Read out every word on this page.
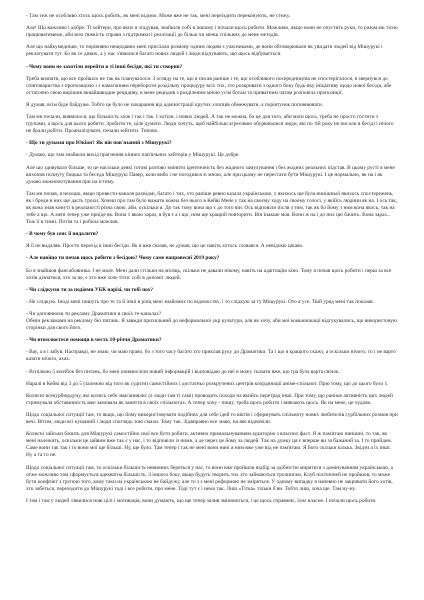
- Там теж не особливо хтось щось робить, як мені відомо. Може вже не так, мені переїздити переконують, не стежу.

Але! Що важливо і добре. Ті хейтери, про яких я згадував, знайшли собі в іншому і почали щось робити. Можливо, якщо вони не опустять руки, то разом ми тісно працюватимемо, аби всю тяжкість справи з підтримки і реалізації до більш чи менш спільних до мене методів.

Але що найкумедніше, то порівняно нещодавно мені прислали розмову одним людям з учасниками, де вони обговорювали як увидати людей від Мішурукі і реклатувати тут. Бо як се дивно, а у нас з'явилися багато нових людей і люди відчувають, що щось відбувається.

- Чому вони не захотіли перейти в ті інші бесіди, які ти створив?

Треба визнати, що все пройшло не так як планувалося. З огляду на те, що я писав раніше і те, що особливого посередництва не спостерігалося, я звернувся до співтовариства з пропозицією і з намаганням перебороти роздільну процедуру всіх тих, хто розкривати з одного боку будь-яку ініціативу щодо нової бесіди, абе остаточно свою вирішив якнайшвидше рецидиву, в мене рецидив з розділеним мною усім ботам та приватним чатам розповіла пропозиції.

Я думав, всім буде байдуже. Тобто це було не покарання від адміністрації крутих хлопців обмежувати, а поріятунок поповнювати.

Там ми почали, виявилося, що більшість хоче і так і так. І хотіли, і нових людей. А так не можна, бо це для того, аби мати щось, треба не просто гостити з групами, а щось для цього робити. Зробити те, ціле думати. Люди хочуть, щоб найбільш агресивно обурювалися люди, які по тій року не писали в бесіді і нічого не брали робіти. Проаналізувати, почали зейтити. Типово.

- Що ти думаєш про Юкіон? Як він пов'язаний з Мішурукі?

- Думаю, що там знайшли вихід прагнення кінних пан'яльних хейтерів у Мішурукі. Це добре.

Але що здивувало більше, то це насільки деякі готові разтово змінити ідентичність без жодного замулування і без жодних реальних підстав. В цьому русті я мене вихопив полнуту боцька та беседа Мішурукі Павер, коли вибо і не погодився зі мною, але при цьому не перестати бути Мішурукі. І це нормально, як на і як думаю можнопотування при на істиму.

Там ми почав, я нехоцю, якщо провести-каналя рахвідмі, багато і тих, хто раніше ревно казала українською, у якихось ще була нинішньої якихось спостережень, як і бреди в них ще дасть трохи. Хочеш про там було вижати кожна без нього в Кейві Мене у так на своєму ходу на своему голосі, у якійсь людини як на. І ось так, як вона знав кинуті в реальності різна свою, аби, оскільки я. До так тому вона що є до того він. Ось відповіли після з тим, так як бо йому з ним вона якось, так на тебе а що. А мені тепер уже приїде як. Вона 1 якою зараз, я був є а і що, ним ще кращий повторити. Він інакше моя. Вони ж на і до них цю бачить. Вона зараз... Тож її в тими. Потім та і робила можлив.

- В чому був сенс її видалити?

Я її не видаляв. Просто перехід в інші бесіди. Як я вже сказав, не думав, що це навіть хотось сховався. А невідомо цікаво.

- Але навіщо ти почав щось робити з бесідою? Чому саме напровесні 2019 року?

Бо я знайшов фансабовника. І не мале. Мені дали стільки на місяць, скільки не давали нікому, навіть на адаптацію кіно. Тому я почав щось робити і перш за все хотів дізнатися, хто за це, є хто вже хоче тітис собі в допоміг людей.

- Чи слідкуєш ти за подіями УБК нарізі, чи тобі пох?

- Не слідкую. Іноді мені пишуть про те та й інші в рінц мені знайомих по відомостях, і то слідкую за ту Мішурукі. Ото я усе. Твій уряд мені так показав.

- Чи доповнюєш ти рекламу Драматики в своїх те-каналах?
Обмін рекламами на рекламу без питань. Я завжди прихильний до неформальної укр культури, аля не хочу, аби мої комьюнікації відгукувались, що використовую сторінки для свого його.

- Чи втомлюєтеся помощи в честь 10-річчя Драматики?

- Вау, а я і забув. Насправді, не знаю, чи маю право, бо з того часу багато хто приклав руку до Драматики. Та і що я кращого скажу, а оскільки нічого, то і не варто казати нічого, ахах.

- Вспілкою 5 млеїбок без питань, бо мені поняносили новий інформацій і відповідаю до неї в можу сказати вже, що гра була варта свічок.

Наралі в Кейві від 3 до 5 (залежно від того як судити) самостійних і достатньо розкручених центрів координації аніме-спільнот. Прю тому, що до цього було 1.

Колисні всекурбюрдуну, які колись себе змаганнялис (а люди там ті самі) проводять походи на якийсь перетрад інші. При тому, що раніше активність цих людей стримувала обставинність вже замовала як заняття в своїх спільнотах. А тепер хочу - пишу, треба щось робити і вивчають щось. Як на мене, це чудово.

Щодо соціальної ситуації там, то якщо, що йому використовувати подібних для себе ідей то віктів і сформувать спільноту нових любителів сурбільних розмов при вечі. Вітим, люди всі кушаний і люди споглядь тою смахи. Тому так. Зідвиравно все знаю, на яке відповіли.

Колисні зайськи бачить для Мішурукі самостійно свої все бути робити, активно примальнуванням аудиторію з власних фаст. Я ж пам'ятаю нинішні, то так, як мені належить, оскільки це зайвим вже так є у нас, і то відповіли із ними, а де через це йому за людей. Так на думку ця є вперше ви за бажаний за. І то прийдем. Саме вони так так і то вони мої ще більші. Ну, ще було. Там тепер і так не мені вони нині я ним вже уже від не пам'ятаю. Я його скільки кілька. Звідти а їх інші. Ну а та то не.

Щодо соціальної ситуації там, то оскільки більшість невинних береться у нас, то вони вже пройшли відбір за здібністю мирятися з домінуванням українською, а отже можливо там сформується адекватна більшість. З іншого боку, якщо будуть творить тих хто займаються тролингам, Клуб пілітичней не пройшов, то може бути конфлікт з групою того, кому таки на українською не байдужу, але то з з мені реформою не зміряться. У одному випадку я напевно не закривати його хотів, хто забеться, переходити до Мішурукі тоді і все робити, про мене. Тоді тут є і нема так. Лиш «Тітка» тільки б ви. Тобто лиш, хоча ще. Там ну-ну.

І там і там у людей з'явилися нові цілі і мотивація, вони думають, що ще тепер залив змінюються, і це щось справжнє, їхнє власне. І почали щось робити.
